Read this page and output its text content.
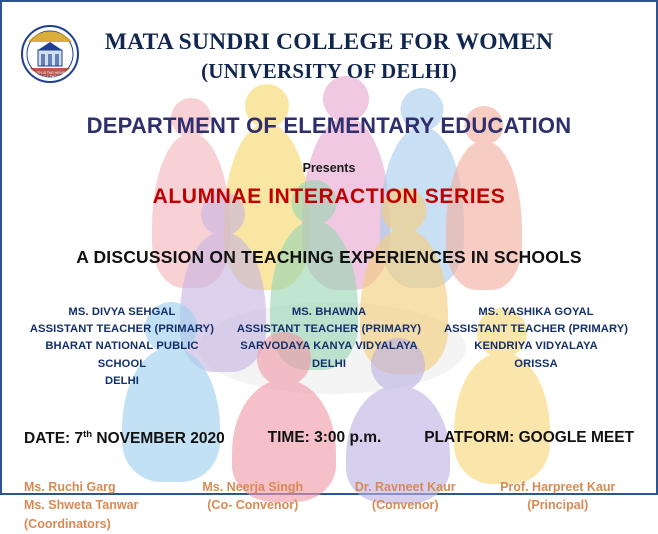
TRUTH IS THE HIGHEST
OF ALL THINGS
MATA SUNDRI COLLEGE FOR WOMEN
(UNIVERSITY OF DELHI)
DEPARTMENT OF ELEMENTARY EDUCATION
Presents
ALUMNAE INTERACTION SERIES
A DISCUSSION ON TEACHING EXPERIENCES IN SCHOOLS
MS. DIVYA SEHGAL
ASSISTANT TEACHER (PRIMARY)
BHARAT NATIONAL PUBLIC SCHOOL
DELHI
MS. BHAWNA
ASSISTANT TEACHER (PRIMARY)
SARVODAYA KANYA VIDYALAYA
DELHI
MS. YASHIKA GOYAL
ASSISTANT TEACHER (PRIMARY)
KENDRIYA VIDYALAYA
ORISSA
DATE: 7th NOVEMBER 2020	TIME: 3:00 p.m.	PLATFORM: GOOGLE MEET
Ms. Ruchi Garg
Ms. Shweta Tanwar
(Coordinators)
Ms. Neerja Singh
(Co- Convenor)
Dr. Ravneet Kaur
(Convenor)
Prof. Harpreet Kaur
(Principal)
